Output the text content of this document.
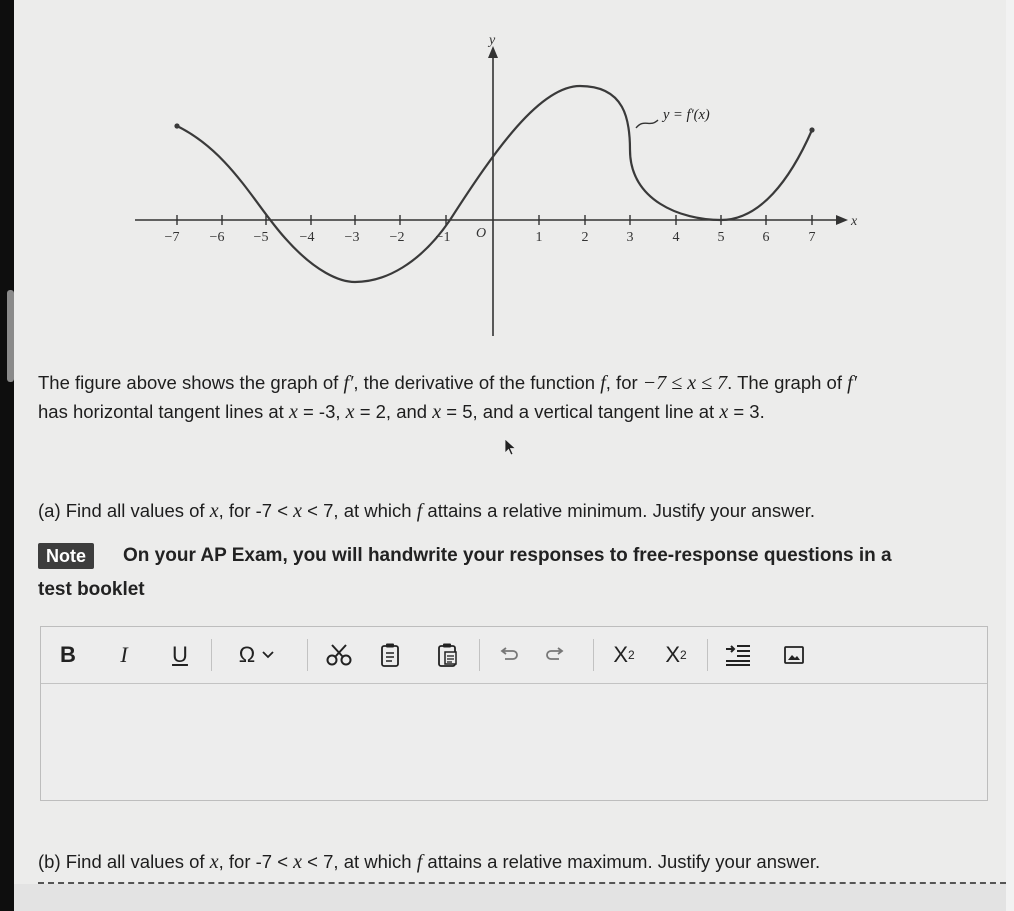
y
x
O
−7 −6 −5 −4 −3 −2 −1	1	2	3	4	5	6	7
y = f′(x)
The figure above shows the graph of f′, the derivative of the function f, for −7 ≤ x ≤ 7. The graph of f′
has horizontal tangent lines at x = -3, x = 2, and x = 5, and a vertical tangent line at x = 3.
(a) Find all values of x, for -7 < x < 7, at which f attains a relative minimum. Justify your answer.
Note	On your AP Exam, you will handwrite your responses to free-response questions in a
test booklet
B	I	U	Ω	X 2 X 2
(b) Find all values of x, for -7 < x < 7, at which f attains a relative maximum. Justify your answer.
